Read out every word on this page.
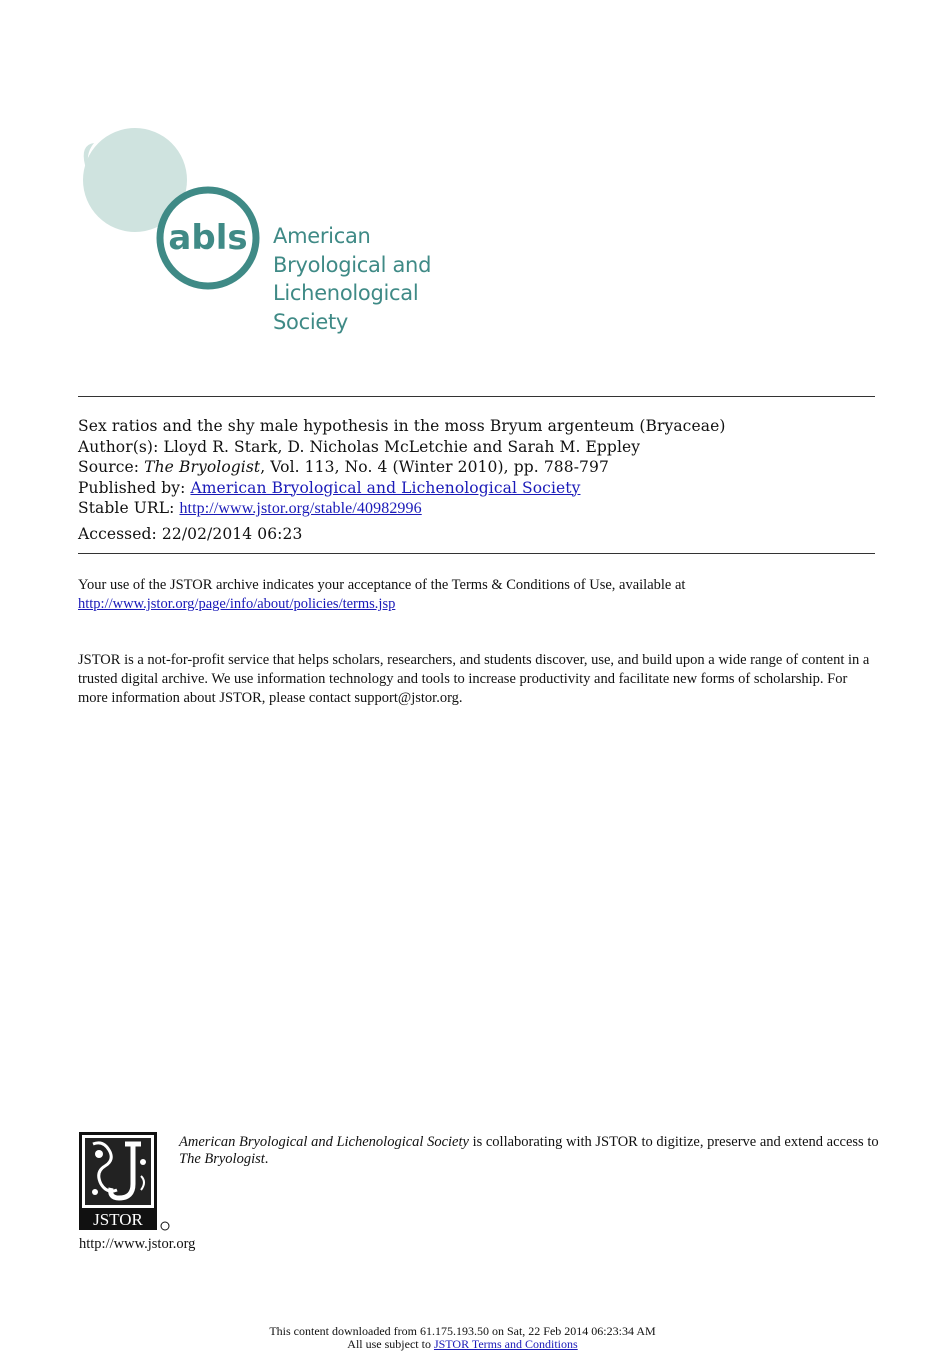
abls American
Bryological and
Lichenological
Society
Sex ratios and the shy male hypothesis in the moss Bryum argenteum (Bryaceae)
Author(s): Lloyd R. Stark, D. Nicholas McLetchie and Sarah M. Eppley
Source: The Bryologist, Vol. 113, No. 4 (Winter 2010), pp. 788-797
Published by: American Bryological and Lichenological Society
Stable URL: http://www.jstor.org/stable/40982996
Accessed: 22/02/2014 06:23
Your use of the JSTOR archive indicates your acceptance of the Terms & Conditions of Use, available at
http://www.jstor.org/page/info/about/policies/terms.jsp
JSTOR is a not-for-profit service that helps scholars, researchers, and students discover, use, and build upon a wide range of content in a trusted digital archive. We use information technology and tools to increase productivity and facilitate new forms of scholarship. For more information about JSTOR, please contact support@jstor.org.
JSTOR
American Bryological and Lichenological Society is collaborating with JSTOR to digitize, preserve and extend access to The Bryologist.
http://www.jstor.org
This content downloaded from 61.175.193.50 on Sat, 22 Feb 2014 06:23:34 AM
All use subject to JSTOR Terms and Conditions
